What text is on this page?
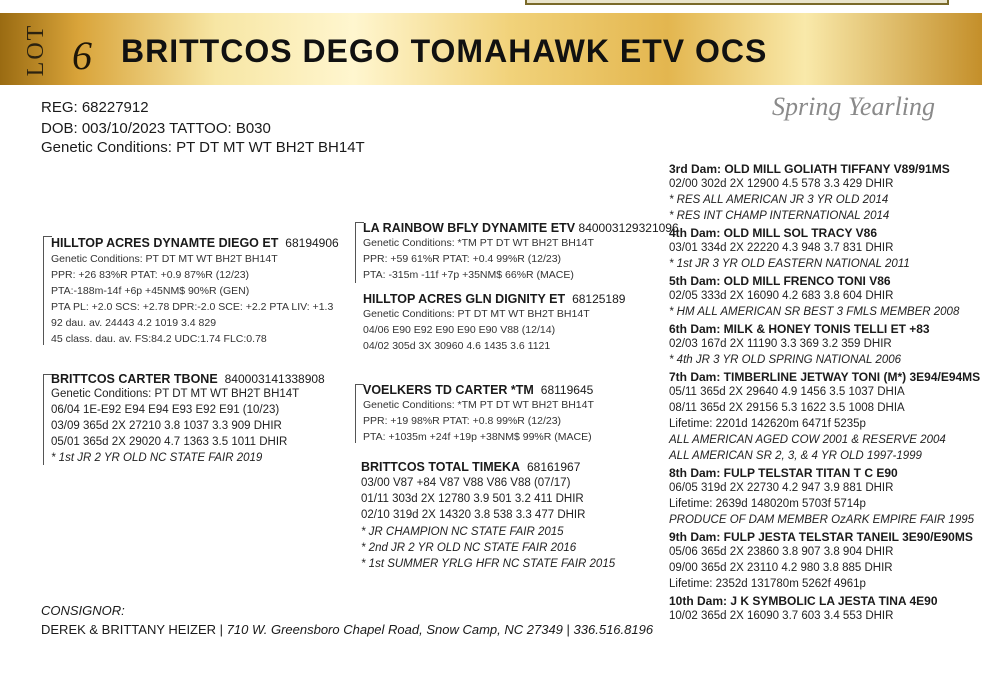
LOT 6 BRITTCOS DEGO TOMAHAWK ETV OCS
REG: 68227912
DOB: 003/10/2023 TATTOO: B030
Genetic Conditions: PT DT MT WT BH2T BH14T
Spring Yearling
HILLTOP ACRES DYNAMTE DIEGO ET 68194906
Genetic Conditions: PT DT MT WT BH2T BH14T
PPR: +26 83%R PTAT: +0.9 87%R (12/23)
PTA:-188m-14f +6p +45NM$ 90%R (GEN)
PTA PL: +2.0 SCS: +2.78 DPR:-2.0 SCE: +2.2 PTA LIV: +1.3
92 dau. av. 24443 4.2 1019 3.4 829
45 class. dau. av. FS:84.2 UDC:1.74 FLC:0.78
LA RAINBOW BFLY DYNAMITE ETV 840003129321096
Genetic Conditions: *TM PT DT WT BH2T BH14T
PPR: +59 61%R PTAT: +0.4 99%R (12/23)
PTA: -315m -11f +7p +35NM$ 66%R (MACE)
HILLTOP ACRES GLN DIGNITY ET 68125189
Genetic Conditions: PT DT MT WT BH2T BH14T
04/06 E90 E92 E90 E90 E90 V88 (12/14)
04/02 305d 3X 30960 4.6 1435 3.6 1121
BRITTCOS CARTER TBONE 840003141338908
Genetic Conditions: PT DT MT WT BH2T BH14T
06/04 1E-E92 E94 E94 E93 E92 E91 (10/23)
03/09 365d 2X 27210 3.8 1037 3.3 909 DHIR
05/01 365d 2X 29020 4.7 1363 3.5 1011 DHIR
* 1st JR 2 YR OLD NC STATE FAIR 2019
VOELKERS TD CARTER *TM 68119645
Genetic Conditions: *TM PT DT WT BH2T BH14T
PPR: +19 98%R PTAT: +0.8 99%R (12/23)
PTA: +1035m +24f +19p +38NM$ 99%R (MACE)
BRITTCOS TOTAL TIMEKA 68161967
03/00 V87 +84 V87 V88 V86 V88 (07/17)
01/11 303d 2X 12780 3.9 501 3.2 411 DHIR
02/10 319d 2X 14320 3.8 538 3.3 477 DHIR
* JR CHAMPION NC STATE FAIR 2015
* 2nd JR 2 YR OLD NC STATE FAIR 2016
* 1st SUMMER YRLG HFR NC STATE FAIR 2015
3rd Dam: OLD MILL GOLIATH TIFFANY V89/91MS
02/00 302d 2X 12900 4.5 578 3.3 429 DHIR
* RES ALL AMERICAN JR 3 YR OLD 2014
* RES INT CHAMP INTERNATIONAL 2014
4th Dam: OLD MILL SOL TRACY V86
03/01 334d 2X 22220 4.3 948 3.7 831 DHIR
* 1st JR 3 YR OLD EASTERN NATIONAL 2011
5th Dam: OLD MILL FRENCO TONI V86
02/05 333d 2X 16090 4.2 683 3.8 604 DHIR
* HM ALL AMERICAN SR BEST 3 FMLS MEMBER 2008
6th Dam: MILK & HONEY TONIS TELLI ET +83
02/03 167d 2X 11190 3.3 369 3.2 359 DHIR
* 4th JR 3 YR OLD SPRING NATIONAL 2006
7th Dam: TIMBERLINE JETWAY TONI (M*) 3E94/E94MS
05/11 365d 2X 29640 4.9 1456 3.5 1037 DHIA
08/11 365d 2X 29156 5.3 1622 3.5 1008 DHIA
Lifetime: 2201d 142620m 6471f 5235p
ALL AMERICAN AGED COW 2001 & RESERVE 2004
ALL AMERICAN SR 2, 3, & 4 YR OLD 1997-1999
8th Dam: FULP TELSTAR TITAN T C E90
06/05 319d 2X 22730 4.2 947 3.9 881 DHIR
Lifetime: 2639d 148020m 5703f 5714p
PRODUCE OF DAM MEMBER OzARK EMPIRE FAIR 1995
9th Dam: FULP JESTA TELSTAR TANEIL 3E90/E90MS
05/06 365d 2X 23860 3.8 907 3.8 904 DHIR
09/00 365d 2X 23110 4.2 980 3.8 885 DHIR
Lifetime: 2352d 131780m 5262f 4961p
10th Dam: J K SYMBOLIC LA JESTA TINA 4E90
10/02 365d 2X 16090 3.7 603 3.4 553 DHIR
CONSIGNOR:
DEREK & BRITTANY HEIZER | 710 W. Greensboro Chapel Road, Snow Camp, NC 27349 | 336.516.8196
